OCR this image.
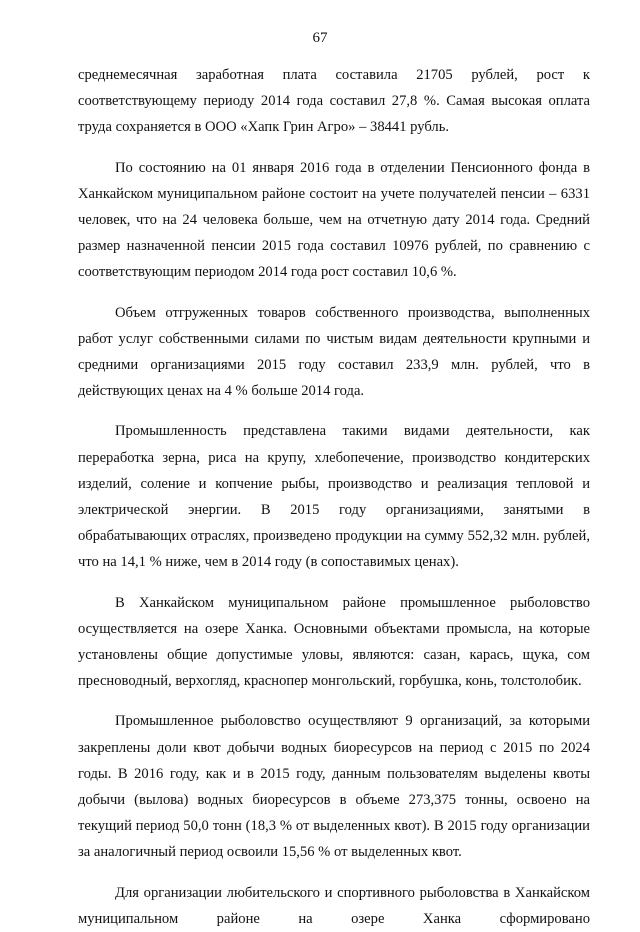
67

среднемесячная заработная плата составила 21705 рублей, рост к соответствующему периоду 2014 года составил 27,8 %. Самая высокая оплата труда сохраняется в ООО «Хапк Грин Агро» – 38441 рубль.

По состоянию на 01 января 2016 года в отделении Пенсионного фонда в Ханкайском муниципальном районе состоит на учете получателей пенсии – 6331 человек, что на 24 человека больше, чем на отчетную дату 2014 года. Средний размер назначенной пенсии 2015 года составил 10976 рублей, по сравнению с соответствующим периодом 2014 года рост составил 10,6 %.

Объем отгруженных товаров собственного производства, выполненных работ услуг собственными силами по чистым видам деятельности крупными и средними организациями 2015 году составил 233,9 млн. рублей, что в действующих ценах на 4 % больше 2014 года.

Промышленность представлена такими видами деятельности, как переработка зерна, риса на крупу, хлебопечение, производство кондитерских изделий, соление и копчение рыбы, производство и реализация тепловой и электрической энергии. В 2015 году организациями, занятыми в обрабатывающих отраслях, произведено продукции на сумму 552,32 млн. рублей, что на 14,1 % ниже, чем в 2014 году (в сопоставимых ценах).

В Ханкайском муниципальном районе промышленное рыболовство осуществляется на озере Ханка. Основными объектами промысла, на которые установлены общие допустимые уловы, являются: сазан, карась, щука, сом пресноводный, верхогляд, краснопер монгольский, горбушка, конь, толстолобик.

Промышленное рыболовство осуществляют 9 организаций, за которыми закреплены доли квот добычи водных биоресурсов на период с 2015 по 2024 годы. В 2016 году, как и в 2015 году, данным пользователям выделены квоты добычи (вылова) водных биоресурсов в объеме 273,375 тонны, освоено на текущий период 50,0 тонн (18,3 % от выделенных квот). В 2015 году организации за аналогичный период освоили 15,56 % от выделенных квот.

Для организации любительского и спортивного рыболовства в Ханкайском муниципальном районе на озере Ханка сформировано
